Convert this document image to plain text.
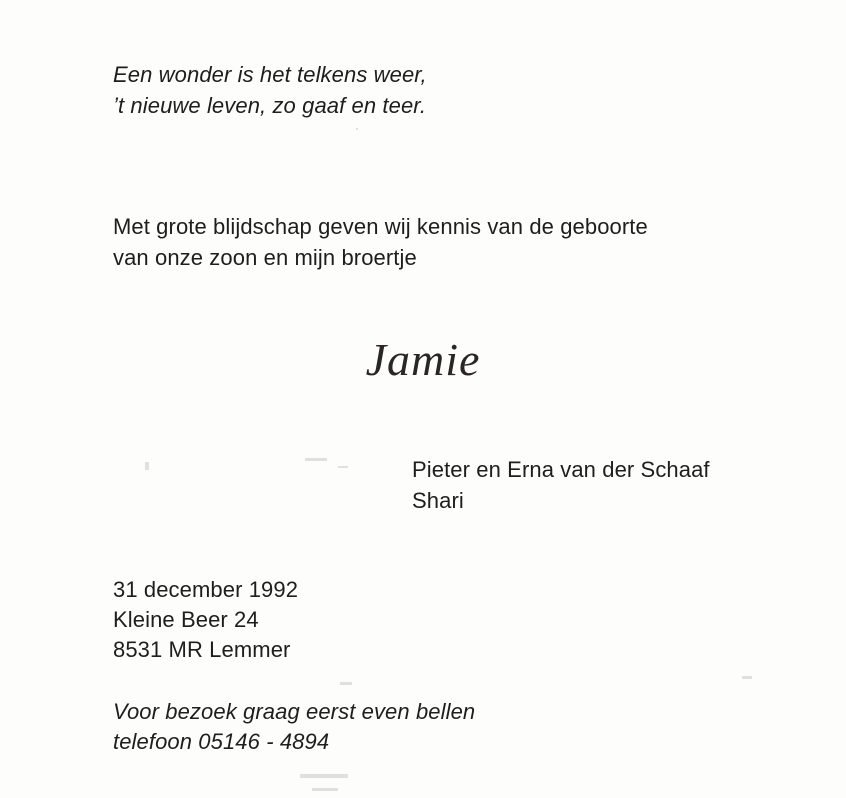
Een wonder is het telkens weer,
’t nieuwe leven, zo gaaf en teer.
Met grote blijdschap geven wij kennis van de geboorte
van onze zoon en mijn broertje
Jamie
Pieter en Erna van der Schaaf
Shari
31 december 1992
Kleine Beer 24
8531 MR Lemmer
Voor bezoek graag eerst even bellen
telefoon 05146 - 4894
